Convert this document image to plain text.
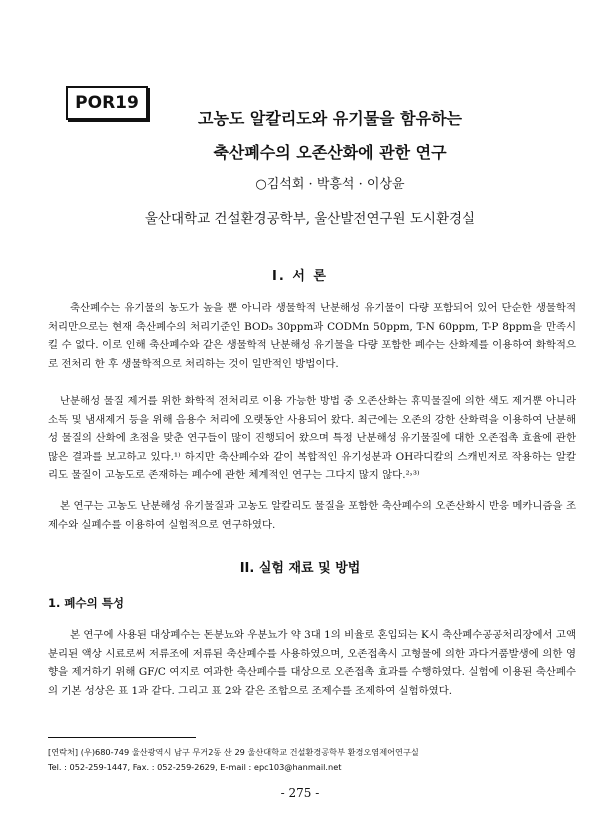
POR19
고농도 알칼리도와 유기물을 함유하는
축산폐수의 오존산화에 관한 연구
○김석회 · 박흥석 · 이상윤
울산대학교 건설환경공학부, 울산발전연구원 도시환경실
I. 서 론

축산폐수는 유기물의 농도가 높을 뿐 아니라 생물학적 난분해성 유기물이 다량 포함되어 있어 단순한 생물학적 처리만으로는 현재 축산폐수의 처리기준인 BOD₅ 30ppm과 CODMn 50ppm, T-N 60ppm, T-P 8ppm을 만족시킬 수 없다. 이로 인해 축산폐수와 같은 생물학적 난분해성 유기물을 다량 포함한 폐수는 산화제를 이용하여 화학적으로 전처리 한 후 생물학적으로 처리하는 것이 일반적인 방법이다.

난분해성 물질 제거를 위한 화학적 전처리로 이용 가능한 방법 중 오존산화는 휴믹물질에 의한 색도 제거뿐 아니라 소독 및 냄새제거 등을 위해 음용수 처리에 오랫동안 사용되어 왔다. 최근에는 오존의 강한 산화력을 이용하여 난분해성 물질의 산화에 초점을 맞춘 연구들이 많이 진행되어 왔으며 특정 난분해성 유기물질에 대한 오존접촉 효율에 관한 많은 결과를 보고하고 있다.¹⁾ 하지만 축산폐수와 같이 복합적인 유기성분과 OH라디칼의 스캐빈저로 작용하는 알칼리도 물질이 고농도로 존재하는 폐수에 관한 체계적인 연구는 그다지 많지 않다.²˒³⁾

본 연구는 고농도 난분해성 유기물질과 고농도 알칼리도 물질을 포함한 축산폐수의 오존산화시 반응 메카니즘을 조제수와 실폐수를 이용하여 실험적으로 연구하였다.

II. 실험 재료 및 방법
1. 폐수의 특성

본 연구에 사용된 대상폐수는 돈분뇨와 우분뇨가 약 3대 1의 비율로 혼입되는 K시 축산폐수공공처리장에서 고액 분리된 액상 시료로써 저류조에 저류된 축산폐수를 사용하였으며, 오존접촉시 고형물에 의한 과다거품발생에 의한 영향을 제거하기 위해 GF/C 여지로 여과한 축산폐수를 대상으로 오존접촉 효과를 수행하였다. 실험에 이용된 축산폐수의 기본 성상은 표 1과 같다. 그리고 표 2와 같은 조합으로 조제수를 조제하여 실험하였다.

[연락처] (우)680-749 울산광역시 남구 무거2동 산 29 울산대학교 건설환경공학부 환경오염제어연구실
Tel. : 052-259-1447, Fax. : 052-259-2629, E-mail : epc103@hanmail.net
- 275 -
